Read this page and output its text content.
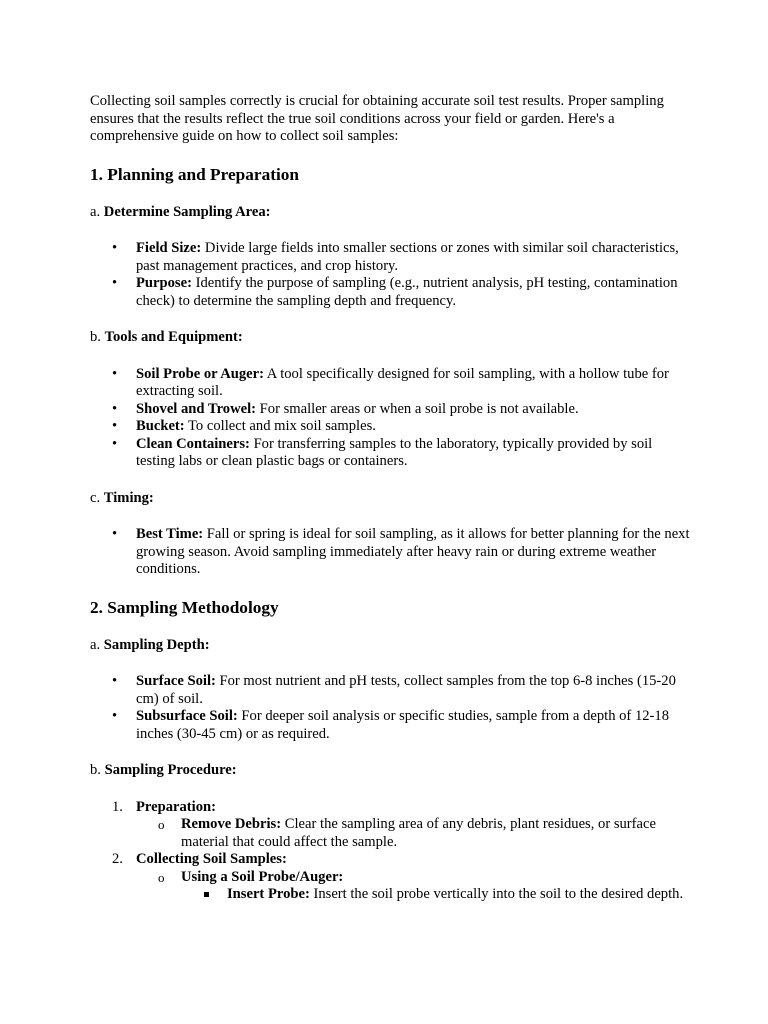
Collecting soil samples correctly is crucial for obtaining accurate soil test results. Proper sampling ensures that the results reflect the true soil conditions across your field or garden. Here's a comprehensive guide on how to collect soil samples:

1. Planning and Preparation

a. Determine Sampling Area:

• Field Size: Divide large fields into smaller sections or zones with similar soil characteristics, past management practices, and crop history.
• Purpose: Identify the purpose of sampling (e.g., nutrient analysis, pH testing, contamination check) to determine the sampling depth and frequency.

b. Tools and Equipment:

• Soil Probe or Auger: A tool specifically designed for soil sampling, with a hollow tube for extracting soil.
• Shovel and Trowel: For smaller areas or when a soil probe is not available.
• Bucket: To collect and mix soil samples.
• Clean Containers: For transferring samples to the laboratory, typically provided by soil testing labs or clean plastic bags or containers.

c. Timing:

• Best Time: Fall or spring is ideal for soil sampling, as it allows for better planning for the next growing season. Avoid sampling immediately after heavy rain or during extreme weather conditions.
2. Sampling Methodology

a. Sampling Depth:

• Surface Soil: For most nutrient and pH tests, collect samples from the top 6-8 inches (15-20 cm) of soil.
• Subsurface Soil: For deeper soil analysis or specific studies, sample from a depth of 12-18 inches (30-45 cm) or as required.

b. Sampling Procedure:

1. Preparation:
o Remove Debris: Clear the sampling area of any debris, plant residues, or surface material that could affect the sample.
2. Collecting Soil Samples:
o Using a Soil Probe/Auger:
Insert Probe: Insert the soil probe vertically into the soil to the desired depth.
